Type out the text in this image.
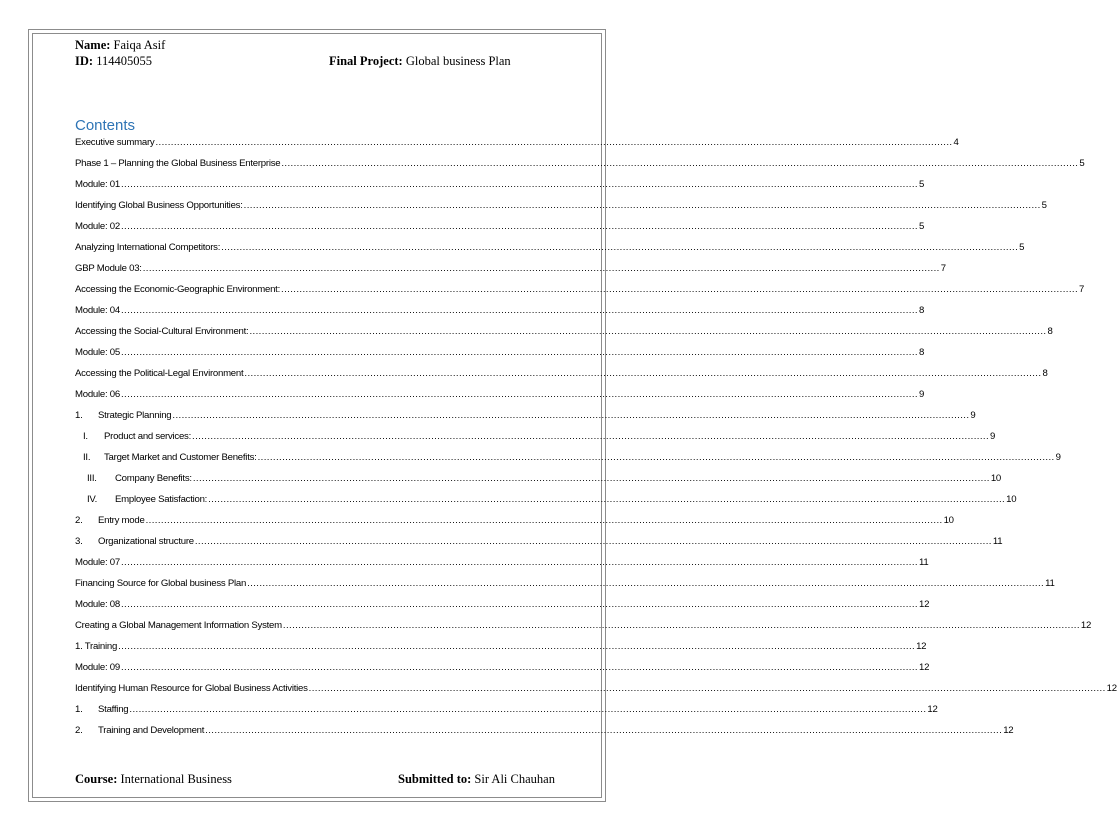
Name: Faiqa Asif
ID: 114405055	Final Project: Global business Plan
Contents
Executive summary .................................................................................................................................................................................................................................................................... 4
Phase 1 – Planning the Global Business Enterprise .................................................................................................................................................................................................................................................................... 5
Module: 01 .................................................................................................................................................................................................................................................................... 5
Identifying Global Business Opportunities: .................................................................................................................................................................................................................................................................... 5
Module: 02 .................................................................................................................................................................................................................................................................... 5
Analyzing International Competitors: .................................................................................................................................................................................................................................................................... 5
GBP Module 03: .................................................................................................................................................................................................................................................................... 7
Accessing the Economic-Geographic Environment: .................................................................................................................................................................................................................................................................... 7
Module: 04 .................................................................................................................................................................................................................................................................... 8
Accessing the Social-Cultural Environment: .................................................................................................................................................................................................................................................................... 8
Module: 05 .................................................................................................................................................................................................................................................................... 8
Accessing the Political-Legal Environment .................................................................................................................................................................................................................................................................... 8
Module: 06 .................................................................................................................................................................................................................................................................... 9
1. Strategic Planning .................................................................................................................................................................................................................................................................... 9
I. Product and services: .................................................................................................................................................................................................................................................................... 9
II. Target Market and Customer Benefits: .................................................................................................................................................................................................................................................................... 9
III. Company Benefits: .................................................................................................................................................................................................................................................................... 10
IV. Employee Satisfaction: .................................................................................................................................................................................................................................................................... 10
2. Entry mode .................................................................................................................................................................................................................................................................... 10
3. Organizational structure .................................................................................................................................................................................................................................................................... 11
Module: 07 .................................................................................................................................................................................................................................................................... 11
Financing Source for Global business Plan .................................................................................................................................................................................................................................................................... 11
Module: 08 .................................................................................................................................................................................................................................................................... 12
Creating a Global Management Information System .................................................................................................................................................................................................................................................................... 12
1. Training .................................................................................................................................................................................................................................................................... 12
Module: 09 .................................................................................................................................................................................................................................................................... 12
Identifying Human Resource for Global Business Activities .................................................................................................................................................................................................................................................................... 12
1. Staffing .................................................................................................................................................................................................................................................................... 12
2. Training and Development .................................................................................................................................................................................................................................................................... 12
Course: International Business	Submitted to: Sir Ali Chauhan
